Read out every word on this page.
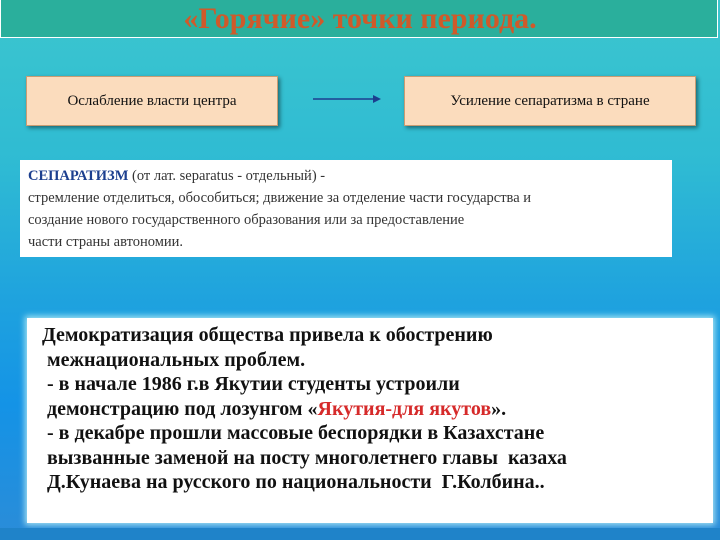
«Горячие» точки периода.
Ослабление власти центра	Усиление сепаратизма в стране
СЕПАРАТИЗМ (от лат. separatus - отдельный) -
стремление отделиться, обособиться; движение за отделение части государства и
создание нового государственного образования или за предоставление
части страны автономии.
Демократизация общества привела к обострению
межнациональных проблем.
- в начале 1986 г.в Якутии студенты устроили
демонстрацию под лозунгом «Якутия-для якутов».
- в декабре прошли массовые беспорядки в Казахстане
вызванные заменой на посту многолетнего главы  казаха
Д.Кунаева на русского по национальности  Г.Колбина..
